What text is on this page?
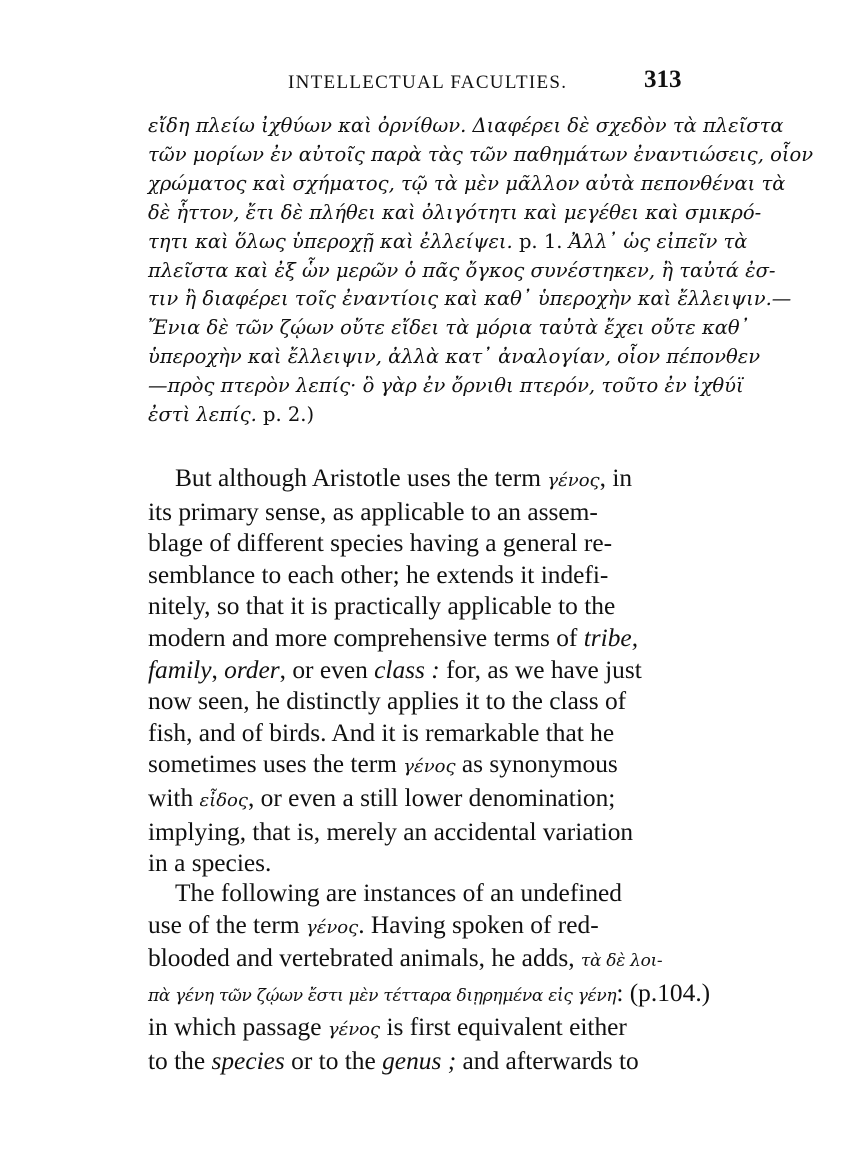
INTELLECTUAL FACULTIES.	313
εἴδη πλείω ἰχθύων καὶ ὀρνίθων. Διαφέρει δὲ σχεδὸν τὰ πλεῖστα
τῶν μορίων ἐν αὐτοῖς παρὰ τὰς τῶν παθημάτων ἐναντιώσεις, οἷον
χρώματος καὶ σχήματος, τῷ τὰ μὲν μᾶλλον αὐτὰ πεπονθέναι τὰ
δὲ ἧττον, ἔτι δὲ πλήθει καὶ ὀλιγότητι καὶ μεγέθει καὶ σμικρό-
τητι καὶ ὅλως ὑπεροχῇ καὶ ἐλλείψει. p. 1. Ἀλλ᾽ ὡς εἰπεῖν τὰ
πλεῖστα καὶ ἐξ ὧν μερῶν ὁ πᾶς ὄγκος συνέστηκεν, ἢ ταὐτά ἐσ-
τιν ἢ διαφέρει τοῖς ἐναντίοις καὶ καθ᾽ ὑπεροχὴν καὶ ἔλλειψιν.—
Ἔνια δὲ τῶν ζῴων οὔτε εἴδει τὰ μόρια ταὐτὰ ἔχει οὔτε καθ᾽
ὑπεροχὴν καὶ ἔλλειψιν, ἀλλὰ κατ᾽ ἀναλογίαν, οἷον πέπονθεν
—πρὸς πτερὸν λεπίς· ὃ γὰρ ἐν ὄρνιθι πτερόν, τοῦτο ἐν ἰχθύϊ
ἐστὶ λεπίς. p. 2.)
But although Aristotle uses the term γένος, in
its primary sense, as applicable to an assem-
blage of different species having a general re-
semblance to each other; he extends it indefi-
nitely, so that it is practically applicable to the
modern and more comprehensive terms of tribe,
family, order, or even class : for, as we have just
now seen, he distinctly applies it to the class of
fish, and of birds. And it is remarkable that he
sometimes uses the term γένος as synonymous
with εἶδος, or even a still lower denomination;
implying, that is, merely an accidental variation
in a species.
The following are instances of an undefined
use of the term γένος. Having spoken of red-
blooded and vertebrated animals, he adds, τὰ δὲ λοι-
πὰ γένη τῶν ζῴων ἔστι μὲν τέτταρα διῃρημένα εἰς γένη: (p.104.)
in which passage γένος is first equivalent either
to the species or to the genus ; and afterwards to
